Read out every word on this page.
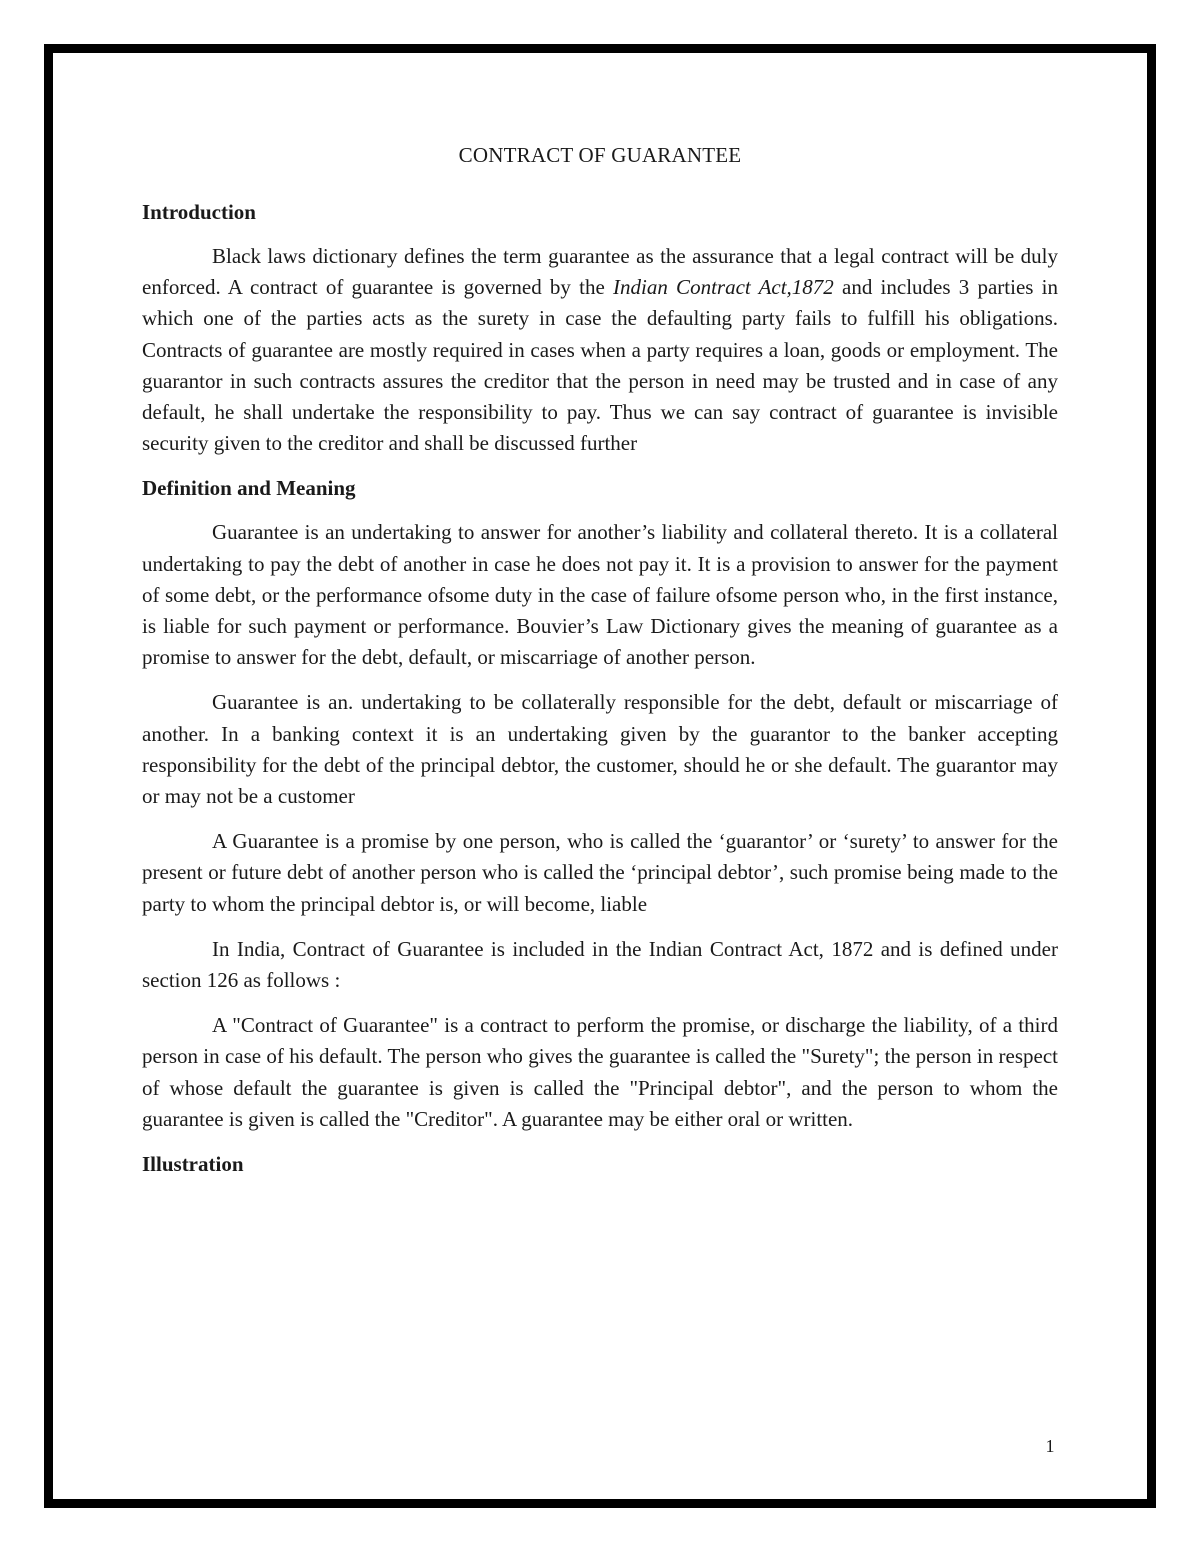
CONTRACT OF GUARANTEE
Introduction

Black laws dictionary defines the term guarantee as the assurance that a legal contract will be duly enforced. A contract of guarantee is governed by the Indian Contract Act,1872 and includes 3 parties in which one of the parties acts as the surety in case the defaulting party fails to fulfill his obligations. Contracts of guarantee are mostly required in cases when a party requires a loan, goods or employment. The guarantor in such contracts assures the creditor that the person in need may be trusted and in case of any default, he shall undertake the responsibility to pay. Thus we can say contract of guarantee is invisible security given to the creditor and shall be discussed further

Definition and Meaning

Guarantee is an undertaking to answer for another’s liability and collateral thereto. It is a collateral undertaking to pay the debt of another in case he does not pay it. It is a provision to answer for the payment of some debt, or the performance ofsome duty in the case of failure ofsome person who, in the first instance, is liable for such payment or performance. Bouvier’s Law Dictionary gives the meaning of guarantee as a promise to answer for the debt, default, or miscarriage of another person.

Guarantee is an. undertaking to be collaterally responsible for the debt, default or miscarriage of another. In a banking context it is an undertaking given by the guarantor to the banker accepting responsibility for the debt of the principal debtor, the customer, should he or she default. The guarantor may or may not be a customer

A Guarantee is a promise by one person, who is called the ‘guarantor’ or ‘surety’ to answer for the present or future debt of another person who is called the ‘principal debtor’, such promise being made to the party to whom the principal debtor is, or will become, liable

In India, Contract of Guarantee is included in the Indian Contract Act, 1872 and is defined under section 126 as follows :

A "Contract of Guarantee" is a contract to perform the promise, or discharge the liability, of a third person in case of his default. The person who gives the guarantee is called the "Surety"; the person in respect of whose default the guarantee is given is called the "Principal debtor", and the person to whom the guarantee is given is called the "Creditor". A guarantee may be either oral or written.

Illustration
1
